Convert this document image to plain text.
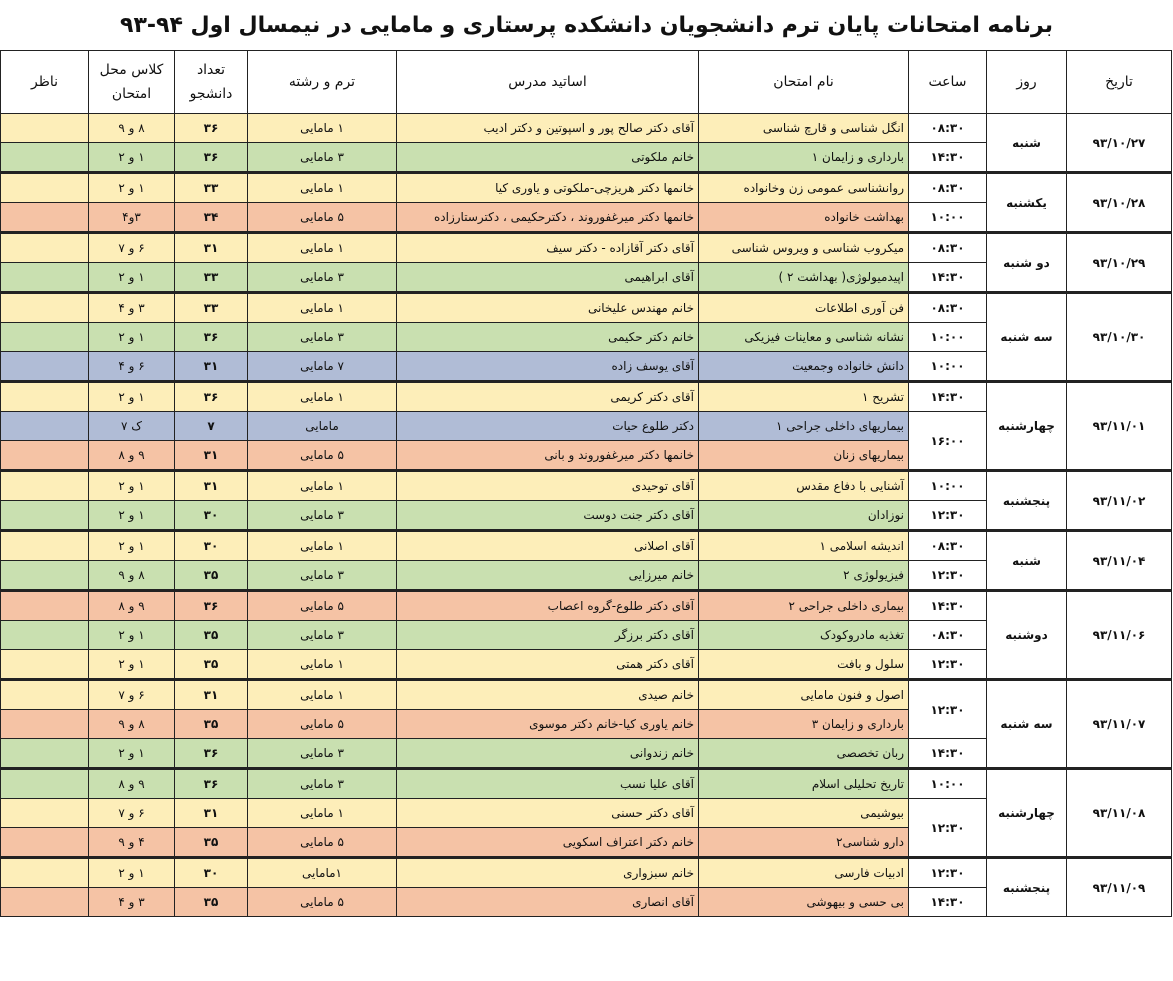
برنامه امتحانات پایان ترم دانشجویان دانشکده پرستاری و مامایی در نیمسال اول ۹۴-۹۳
تاریخ	روز	ساعت	نام امتحان	اساتید مدرس	ترم و رشته	تعداد دانشجو	کلاس محل امتحان	ناظر
۹۳/۱۰/۲۷	شنبه	۰۸:۳۰	انگل شناسی و قارچ شناسی	آقای دکتر صالح پور و اسپوتین و دکتر ادیب	۱ مامایی	۳۶	۸ و ۹	
		۱۴:۳۰	بارداری و زایمان ۱	خانم ملکوتی	۳ مامایی	۳۶	۱ و ۲	
۹۳/۱۰/۲۸	یکشنبه	۰۸:۳۰	روانشناسی عمومی زن وخانواده	خانمها دکتر هریزچی-ملکوتی و یاوری کیا	۱ مامایی	۳۳	۱ و ۲	
		۱۰:۰۰	بهداشت خانواده	خانمها دکتر میرغفوروند ، دکترحکیمی ، دکترستارزاده	۵ مامایی	۳۴	۳و۴	
۹۳/۱۰/۲۹	دو شنبه	۰۸:۳۰	میکروب شناسی و ویروس شناسی	آقای دکتر آقازاده - دکتر سیف	۱ مامایی	۳۱	۶ و ۷	
		۱۴:۳۰	اپیدمیولوژی( بهداشت ۲ )	آقای ابراهیمی	۳ مامایی	۳۳	۱ و ۲	
۹۳/۱۰/۳۰	سه شنبه	۰۸:۳۰	فن آوری اطلاعات	خانم مهندس علیخانی	۱ مامایی	۳۳	۳ و ۴	
		۱۰:۰۰	نشانه شناسی و معاینات فیزیکی	خانم دکتر حکیمی	۳ مامایی	۳۶	۱ و ۲	
		۱۰:۰۰	دانش خانواده وجمعیت	آقای یوسف زاده	۷ مامایی	۳۱	۶ و ۴	
۹۳/۱۱/۰۱	چهارشنبه	۱۴:۳۰	تشریح ۱	آقای دکتر کریمی	۱ مامایی	۳۶	۱ و ۲	
		۱۶:۰۰	بیماریهای داخلی جراحی ۱	دکتر طلوع حیات	مامایی	۷	ک ۷	
			بیماریهای زنان	خانمها دکتر میرغفوروند و بانی	۵ مامایی	۳۱	۹ و ۸	
۹۳/۱۱/۰۲	پنجشنبه	۱۰:۰۰	آشنایی با دفاع مقدس	آقای توحیدی	۱ مامایی	۳۱	۱ و ۲	
		۱۲:۳۰	نوزادان	آقای دکتر جنت دوست	۳ مامایی	۳۰	۱ و ۲	
۹۳/۱۱/۰۴	شنبه	۰۸:۳۰	اندیشه اسلامی ۱	آقای اصلانی	۱ مامایی	۳۰	۱ و ۲	
		۱۲:۳۰	فیزیولوژی ۲	خانم میرزایی	۳ مامایی	۳۵	۸ و ۹	
۹۳/۱۱/۰۶	دوشنبه	۱۴:۳۰	بیماری داخلی جراحی ۲	آقای دکتر طلوع-گروه اعصاب	۵ مامایی	۳۶	۹ و ۸	
		۰۸:۳۰	تغذیه مادروکودک	آقای دکتر برزگر	۳ مامایی	۳۵	۱ و ۲	
		۱۲:۳۰	سلول و بافت	آقای دکتر همتی	۱ مامایی	۳۵	۱ و ۲	
۹۳/۱۱/۰۷	سه شنبه	۱۲:۳۰	اصول و فنون مامایی	خانم صیدی	۱ مامایی	۳۱	۶ و ۷	
			بارداری و زایمان ۳	خانم یاوری کیا-خانم دکتر موسوی	۵ مامایی	۳۵	۸ و ۹	
		۱۴:۳۰	ربان تخصصی	خانم زندوانی	۳ مامایی	۳۶	۱ و ۲	
۹۳/۱۱/۰۸	چهارشنبه	۱۰:۰۰	تاریخ تحلیلی اسلام	آقای علیا نسب	۳ مامایی	۳۶	۹ و ۸	
		۱۲:۳۰	بیوشیمی	آقای دکتر حسنی	۱ مامایی	۳۱	۶ و ۷	
			دارو شناسی۲	خانم دکتر اعتراف اسکویی	۵ مامایی	۳۵	۴ و ۹	
۹۳/۱۱/۰۹	پنجشنبه	۱۲:۳۰	ادبیات فارسی	خانم سبزواری	۱مامایی	۳۰	۱ و ۲	
		۱۴:۳۰	بی حسی و بیهوشی	آقای انصاری	۵ مامایی	۳۵	۳ و ۴	
